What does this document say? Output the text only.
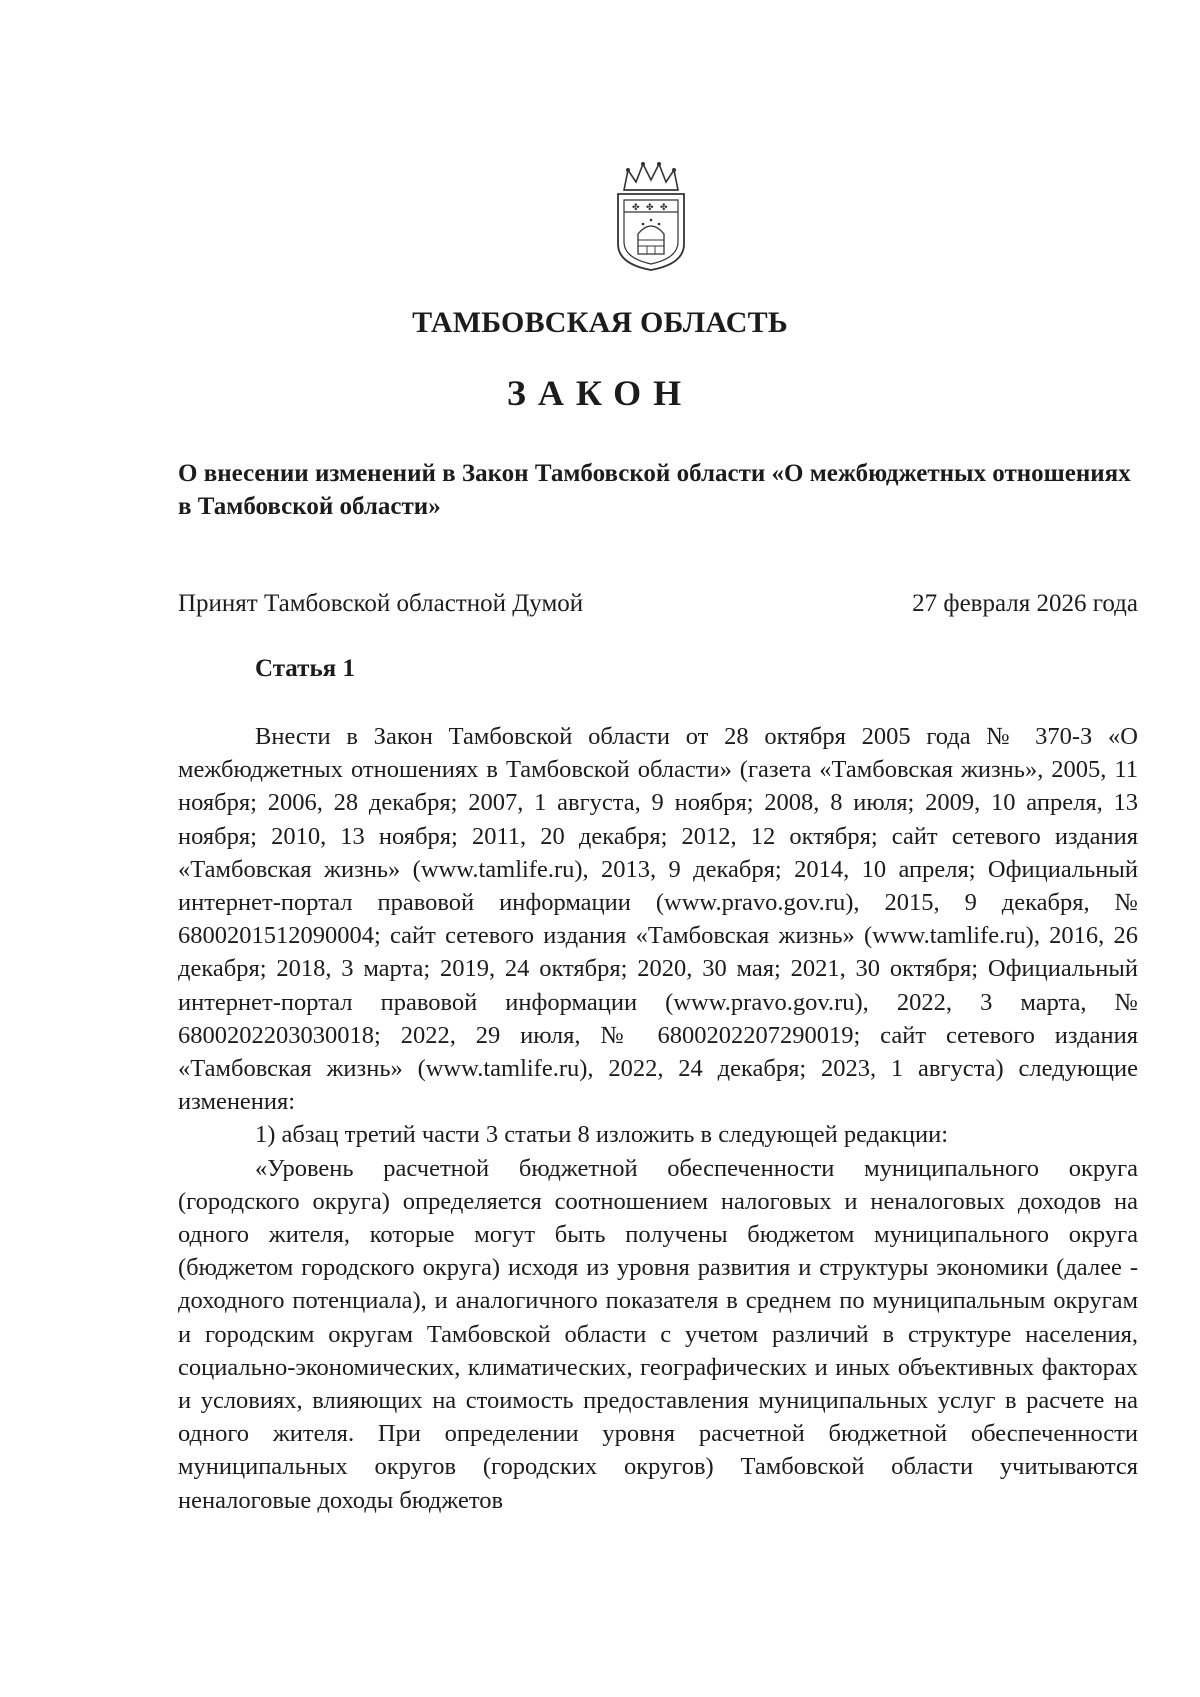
✤ ✤ ✤
ТАМБОВСКАЯ ОБЛАСТЬ
ЗАКОН
О внесении изменений в Закон Тамбовской области «О межбюджетных отношениях в Тамбовской области»
Принят Тамбовской областной Думой	27 февраля 2026 года
Статья 1

Внести в Закон Тамбовской области от 28 октября 2005 года № 370-З «О межбюджетных отношениях в Тамбовской области» (газета «Тамбовская жизнь», 2005, 11 ноября; 2006, 28 декабря; 2007, 1 августа, 9 ноября; 2008, 8 июля; 2009, 10 апреля, 13 ноября; 2010, 13 ноября; 2011, 20 декабря; 2012, 12 октября; сайт сетевого издания «Тамбовская жизнь» (www.tamlife.ru), 2013, 9 декабря; 2014, 10 апреля; Официальный интернет-портал правовой информации (www.pravo.gov.ru), 2015, 9 декабря, № 6800201512090004; сайт сетевого издания «Тамбовская жизнь» (www.tamlife.ru), 2016, 26 декабря; 2018, 3 марта; 2019, 24 октября; 2020, 30 мая; 2021, 30 октября; Официальный интернет-портал правовой информации (www.pravo.gov.ru), 2022, 3 марта, № 6800202203030018; 2022, 29 июля, № 6800202207290019; сайт сетевого издания «Тамбовская жизнь» (www.tamlife.ru), 2022, 24 декабря; 2023, 1 августа) следующие изменения:

1) абзац третий части 3 статьи 8 изложить в следующей редакции:

«Уровень расчетной бюджетной обеспеченности муниципального округа (городского округа) определяется соотношением налоговых и неналоговых доходов на одного жителя, которые могут быть получены бюджетом муниципального округа (бюджетом городского округа) исходя из уровня развития и структуры экономики (далее - доходного потенциала), и аналогичного показателя в среднем по муниципальным округам и городским округам Тамбовской области с учетом различий в структуре населения, социально-экономических, климатических, географических и иных объективных факторах и условиях, влияющих на стоимость предоставления муниципальных услуг в расчете на одного жителя. При определении уровня расчетной бюджетной обеспеченности муниципальных округов (городских округов) Тамбовской области учитываются неналоговые доходы бюджетов
